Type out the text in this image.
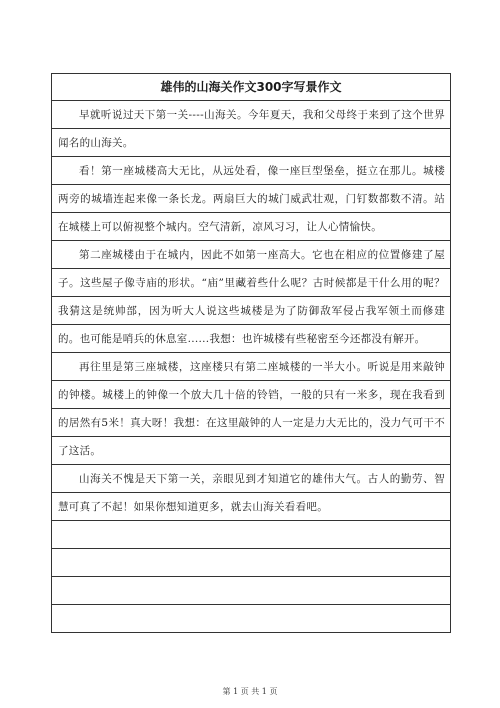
雄伟的山海关作文300字写景作文

早就听说过天下第一关----山海关。今年夏天，我和父母终于来到了这个世界闻名的山海关。

看！第一座城楼高大无比，从远处看，像一座巨型堡垒，挺立在那儿。城楼两旁的城墙连起来像一条长龙。两扇巨大的城门威武壮观，门钉数都数不清。站在城楼上可以俯视整个城内。空气清新，凉风习习，让人心情愉快。

第二座城楼由于在城内，因此不如第一座高大。它也在相应的位置修建了屋子。这些屋子像寺庙的形状。“庙”里藏着些什么呢？古时候都是干什么用的呢？我猜这是统帅部，因为听大人说这些城楼是为了防御敌军侵占我军领土而修建的。也可能是哨兵的休息室......我想：也许城楼有些秘密至今还都没有解开。

再往里是第三座城楼，这座楼只有第二座城楼的一半大小。听说是用来敲钟的钟楼。城楼上的钟像一个放大几十倍的铃铛，一般的只有一米多，现在我看到的居然有5米！真大呀！我想：在这里敲钟的人一定是力大无比的，没力气可干不了这活。

山海关不愧是天下第一关，亲眼见到才知道它的雄伟大气。古人的勤劳、智慧可真了不起！如果你想知道更多，就去山海关看看吧。

第 1 页 共 1 页
